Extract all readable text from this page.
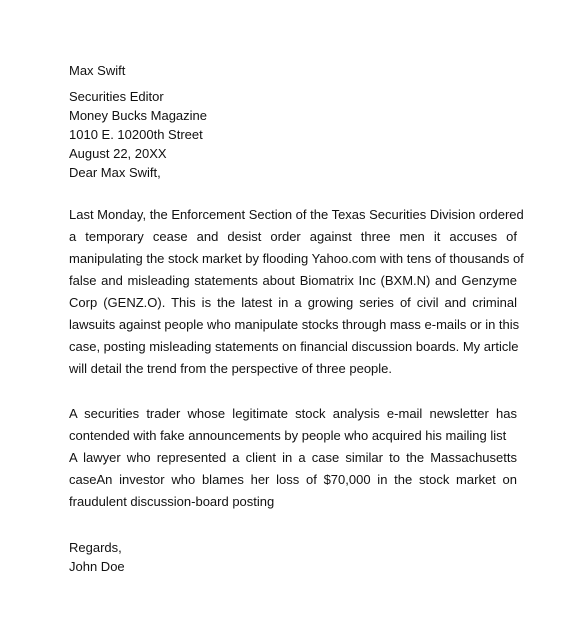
Max Swift
Securities Editor
Money Bucks Magazine
1010 E. 10200th Street
August 22, 20XX
Dear Max Swift,
Last Monday, the Enforcement Section of the Texas Securities Division ordered
a temporary cease and desist order against three men it accuses of
manipulating the stock market by flooding Yahoo.com with tens of thousands of
false and misleading statements about Biomatrix Inc (BXM.N) and Genzyme
Corp (GENZ.O). This is the latest in a growing series of civil and criminal
lawsuits against people who manipulate stocks through mass e-mails or in this
case, posting misleading statements on financial discussion boards. My article
will detail the trend from the perspective of three people.
A securities trader whose legitimate stock analysis e-mail newsletter has
contended with fake announcements by people who acquired his mailing list
A lawyer who represented a client in a case similar to the Massachusetts
caseAn investor who blames her loss of $70,000 in the stock market on
fraudulent discussion-board posting
Regards,
John Doe
